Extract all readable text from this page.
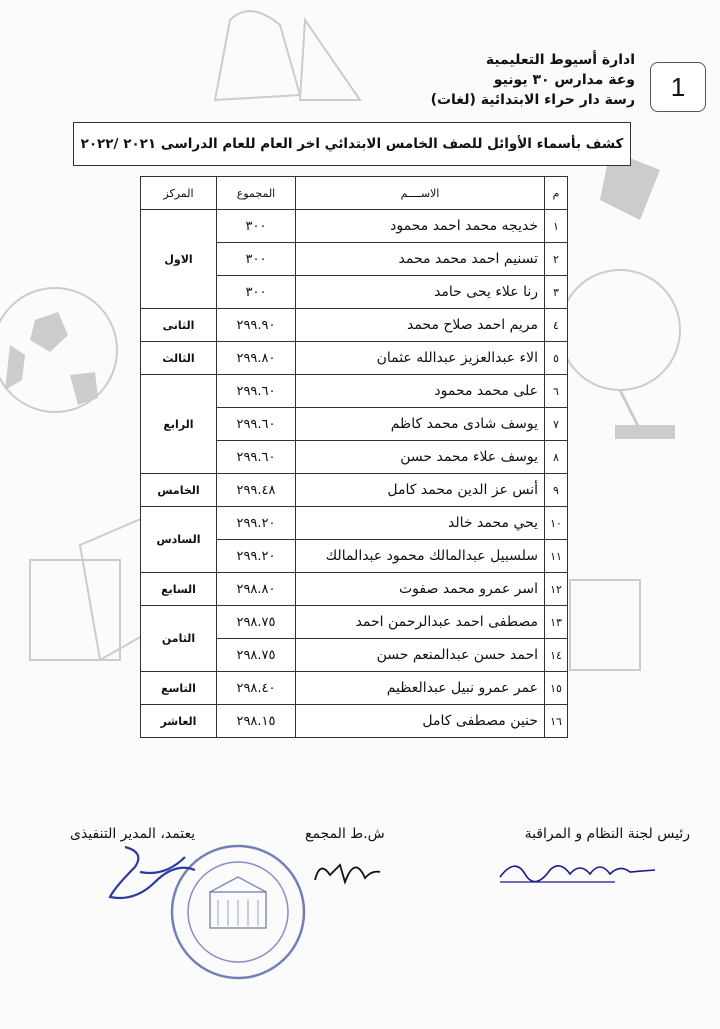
1
ادارة أسيوط التعليمية
وعة مدارس ٣٠ يونيو
رسة دار حراء الابتدائية (لغات)
كشف بأسماء الأوائل للصف الخامس الابتدائي اخر العام للعام الدراسى ٢٠٢١ /٢٠٢٢
م	الاســــم	المجموع	المركز
١	خديجه محمد احمد محمود	٣٠٠	الاول
٢	تسنيم احمد محمد محمد	٣٠٠	
٣	رنا علاء يحى حامد	٣٠٠	
٤	مريم احمد صلاح محمد	٢٩٩.٩٠	الثانى
٥	الاء عبدالعزيز عبدالله عثمان	٢٩٩.٨٠	الثالث
٦	على محمد محمود	٢٩٩.٦٠	الرابع
٧	يوسف شادى محمد كاظم	٢٩٩.٦٠	
٨	يوسف علاء محمد حسن	٢٩٩.٦٠	
٩	أنس عز الدين محمد كامل	٢٩٩.٤٨	الخامس
١٠	يحي محمد خالد	٢٩٩.٢٠	السادس
١١	سلسبيل عبدالمالك محمود عبدالمالك	٢٩٩.٢٠	
١٢	اسر عمرو محمد صفوت	٢٩٨.٨٠	السابع
١٣	مصطفى احمد عبدالرحمن احمد	٢٩٨.٧٥	الثامن
١٤	احمد حسن عبدالمنعم حسن	٢٩٨.٧٥	
١٥	عمر عمرو نبيل عبدالعظيم	٢٩٨.٤٠	التاسع
١٦	حنين مصطفى كامل	٢٩٨.١٥	العاشر
رئيس لجنة النظام و المراقبة
ش.ط المجمع
يعتمد، المدير التنفيذى
